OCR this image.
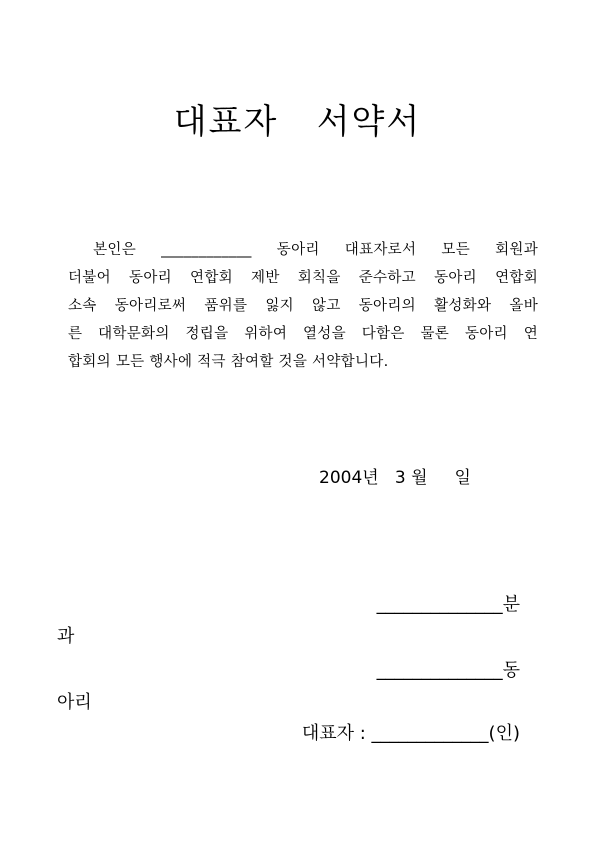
대표자   서약서
본인은  ____________  동아리  대표자로서  모든  회원과
더불어 동아리 연합회 제반 회칙을 준수하고 동아리 연합회
소속 동아리로써 품위를 잃지 않고 동아리의 활성화와 올바
른 대학문화의 정립을 위하여 열성을 다함은 물론 동아리 연
합회의 모든 행사에 적극 참여할 것을 서약합니다.
2004년   3 월     일
______________분
과
______________동
아리
대표자 : _____________(인)
